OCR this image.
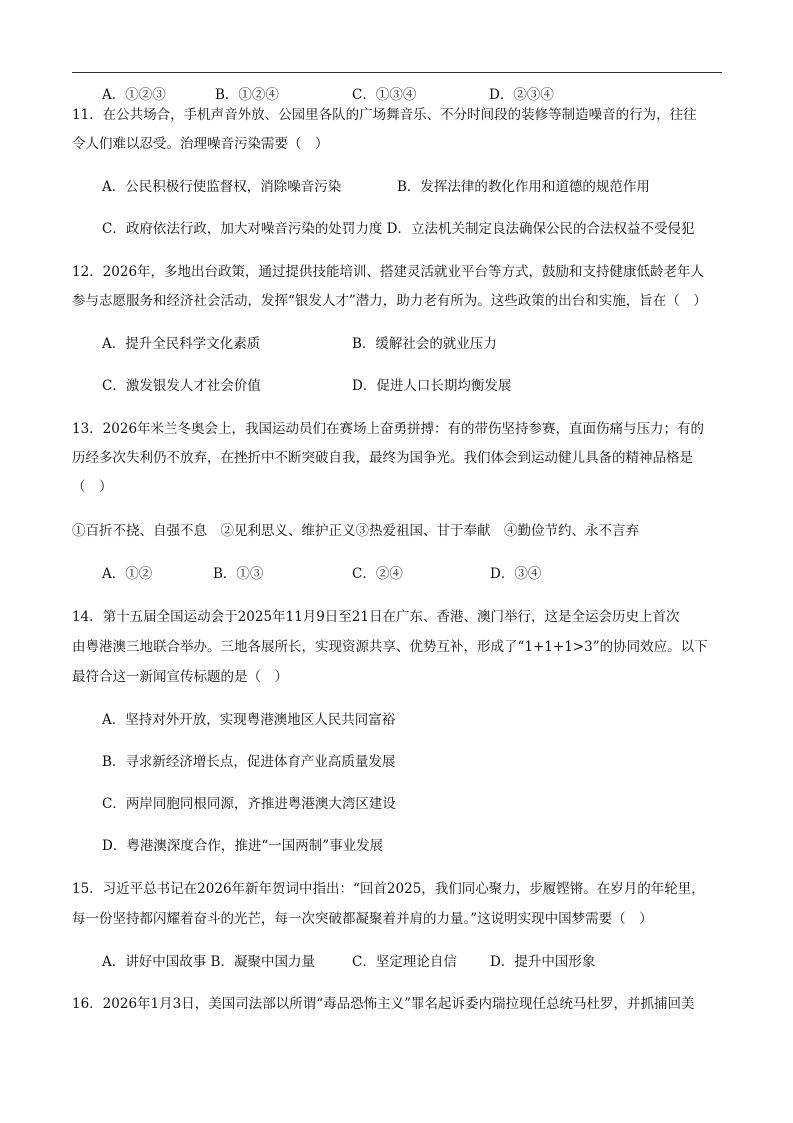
A．①②③	B．①②④	C．①③④	D．②③④
11．在公共场合，手机声音外放、公园里各队的广场舞音乐、不分时间段的装修等制造噪音的行为，往往
令人们难以忍受。治理噪音污染需要（　）
A．公民积极行使监督权，消除噪音污染	B．发挥法律的教化作用和道德的规范作用
C．政府依法行政，加大对噪音污染的处罚力度 D．立法机关制定良法确保公民的合法权益不受侵犯
12．2026年，多地出台政策，通过提供技能培训、搭建灵活就业平台等方式，鼓励和支持健康低龄老年人
参与志愿服务和经济社会活动，发挥“银发人才”潜力，助力老有所为。这些政策的出台和实施，旨在（　）
A．提升全民科学文化素质	B．缓解社会的就业压力
C．激发银发人才社会价值	D．促进人口长期均衡发展
13．2026年米兰冬奥会上，我国运动员们在赛场上奋勇拼搏：有的带伤坚持参赛，直面伤痛与压力；有的
历经多次失利仍不放弃，在挫折中不断突破自我，最终为国争光。我们体会到运动健儿具备的精神品格是
（　）
①百折不挠、自强不息　②见利思义、维护正义③热爱祖国、甘于奉献　④勤俭节约、永不言弃
A．①②	B．①③	C．②④	D．③④
14．第十五届全国运动会于2025年11月9日至21日在广东、香港、澳门举行，这是全运会历史上首次
由粤港澳三地联合举办。三地各展所长，实现资源共享、优势互补，形成了“1+1+1>3”的协同效应。以下
最符合这一新闻宣传标题的是（　）
A．坚持对外开放，实现粤港澳地区人民共同富裕
B．寻求新经济增长点，促进体育产业高质量发展
C．两岸同胞同根同源，齐推进粤港澳大湾区建设
D．粤港澳深度合作，推进“一国两制”事业发展
15．习近平总书记在2026年新年贺词中指出：“回首2025，我们同心聚力，步履铿锵。在岁月的年轮里，
每一份坚持都闪耀着奋斗的光芒，每一次突破都凝聚着并肩的力量。”这说明实现中国梦需要（　）
A．讲好中国故事 B．凝聚中国力量	C．坚定理论自信 D．提升中国形象
16．2026年1月3日，美国司法部以所谓“毒品恐怖主义”罪名起诉委内瑞拉现任总统马杜罗，并抓捕回美
